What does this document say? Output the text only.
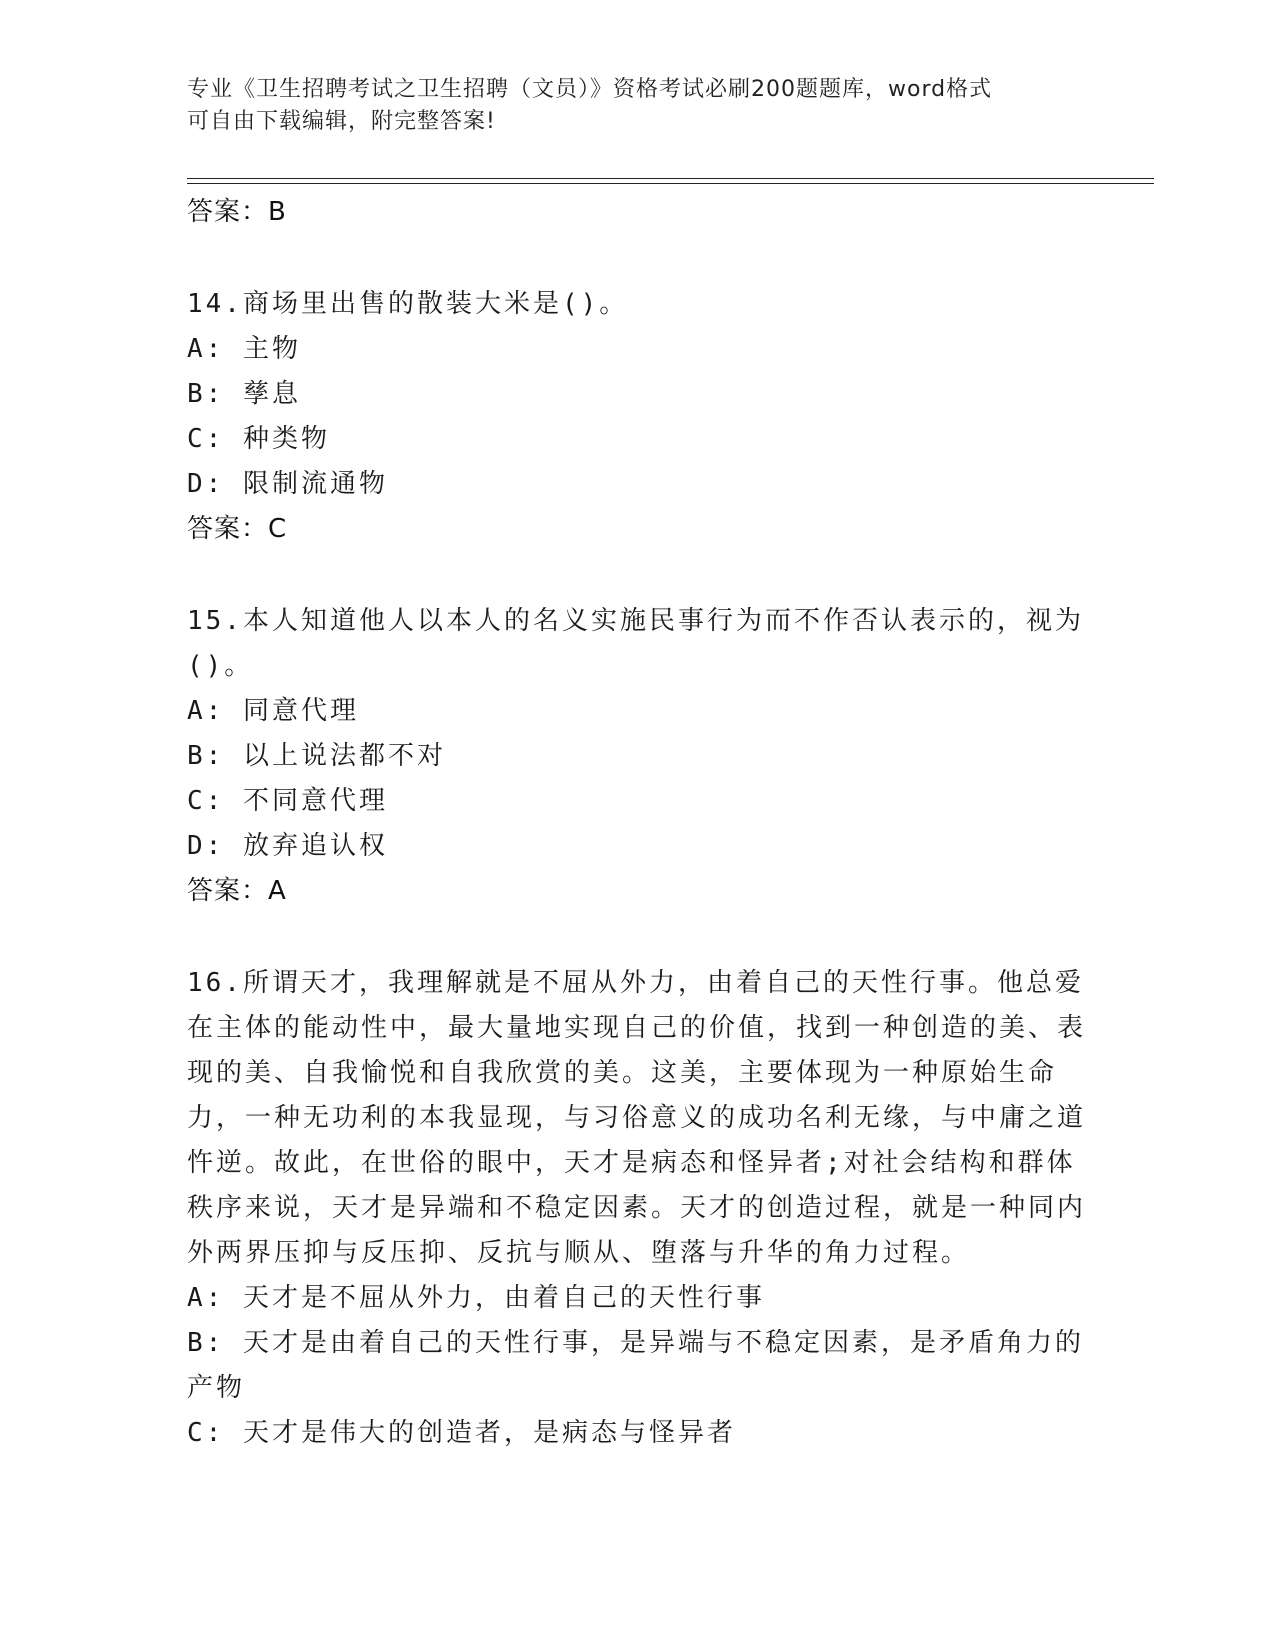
专业《卫生招聘考试之卫生招聘（文员）》资格考试必刷200题题库，word格式
可自由下载编辑，附完整答案!
答案：B
14.商场里出售的散装大米是()。
A: 主物
B: 孳息
C: 种类物
D: 限制流通物
答案：C
15.本人知道他人以本人的名义实施民事行为而不作否认表示的，视为()。
A: 同意代理
B: 以上说法都不对
C: 不同意代理
D: 放弃追认权
答案：A
16.所谓天才，我理解就是不屈从外力，由着自己的天性行事。他总爱在主体的能动性中，最大量地实现自己的价值，找到一种创造的美、表现的美、自我愉悦和自我欣赏的美。这美，主要体现为一种原始生命力，一种无功利的本我显现，与习俗意义的成功名利无缘，与中庸之道忤逆。故此，在世俗的眼中，天才是病态和怪异者;对社会结构和群体秩序来说，天才是异端和不稳定因素。天才的创造过程，就是一种同内外两界压抑与反压抑、反抗与顺从、堕落与升华的角力过程。
A: 天才是不屈从外力，由着自己的天性行事
B: 天才是由着自己的天性行事，是异端与不稳定因素，是矛盾角力的产物
C: 天才是伟大的创造者，是病态与怪异者
